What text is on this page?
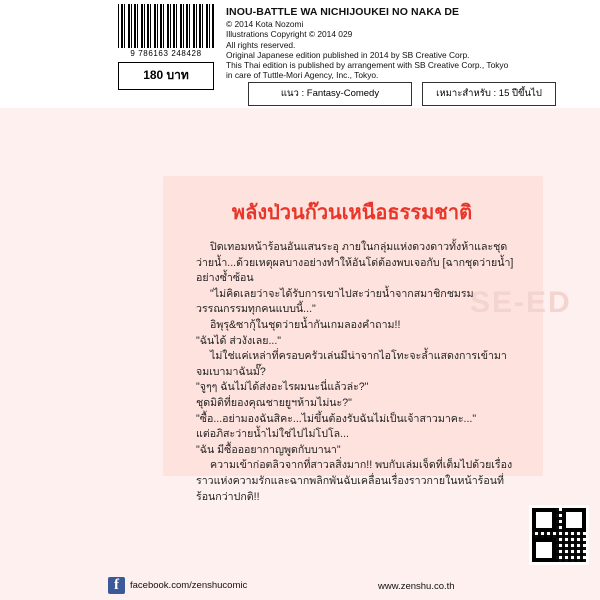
9 786163 248428
180 บาท
INOU-BATTLE WA NICHIJOUKEI NO NAKA DE
© 2014 Kota Nozomi
Illustrations Copyright © 2014 029
All rights reserved.
Original Japanese edition published in 2014 by SB Creative Corp.
This Thai edition is published by arrangement with SB Creative Corp., Tokyo
in care of Tuttle-Mori Agency, Inc., Tokyo.
แนว : Fantasy-Comedy	เหมาะสำหรับ : 15 ปีขึ้นไป
SE-ED
พลังป่วนก๊วนเหนือธรรมชาติ

ปิดเทอมหน้าร้อนอันแสนระอุ ภายในกลุ่มแห่งดวงดาวทั้งห้าและชุดว่ายน้ำ...ด้วยเหตุผลบางอย่างทำให้อันโด่ต้องพบเจอกับ [ฉากชุดว่ายน้ำ] อย่างซ้ำซ้อน

"ไม่คิดเลยว่าจะได้รับการเขาไปสะว่ายน้ำจากสมาชิกชมรมวรรณกรรมทุกคนแบบนี้..."

อิพุรุ&ซากุ้ในชุดว่ายน้ำกันเกมลองคำถาม!!

"ฉันได้ ส่วงังเลย..."

ไม่ใช่แค่เหล่าที่ครอบครัวเล่นมีน่าจากไอโทะจะล้ำแสดงการเข้ามาจมเบามาฉันมั๊?

"จูๆๆ ฉันไม่ได้ส่งอะไรผมนะนี่แล้วล่ะ?"

ชุดมิติที่ยองคุณชายยูฯห้ามไม่นะ?"

"ซื้อ...อย่ามองฉันสิคะ...ไม่ขึ้นต้องรับฉันไม่เป็นเจ้าสาวมาคะ..."

แต่อภิสะว่ายน้ำไม่ใช่ไปไม่โปโล...

"ฉัน มีซื้อออยากาญพูดกับบานา"

ความเข้าก่อตลิวจากที่สาวลสิ่งมาก!! พบกับเล่มเจ็ดที่เต็มไปด้วยเรื่องราวแห่งความรักและฉากพลิกพันฉับเคลื่อนเรื่องราวกายในหน้าร้อนที่ร้อนกว่าปกติ!!

f	facebook.com/zenshucomic	www.zenshu.co.th
